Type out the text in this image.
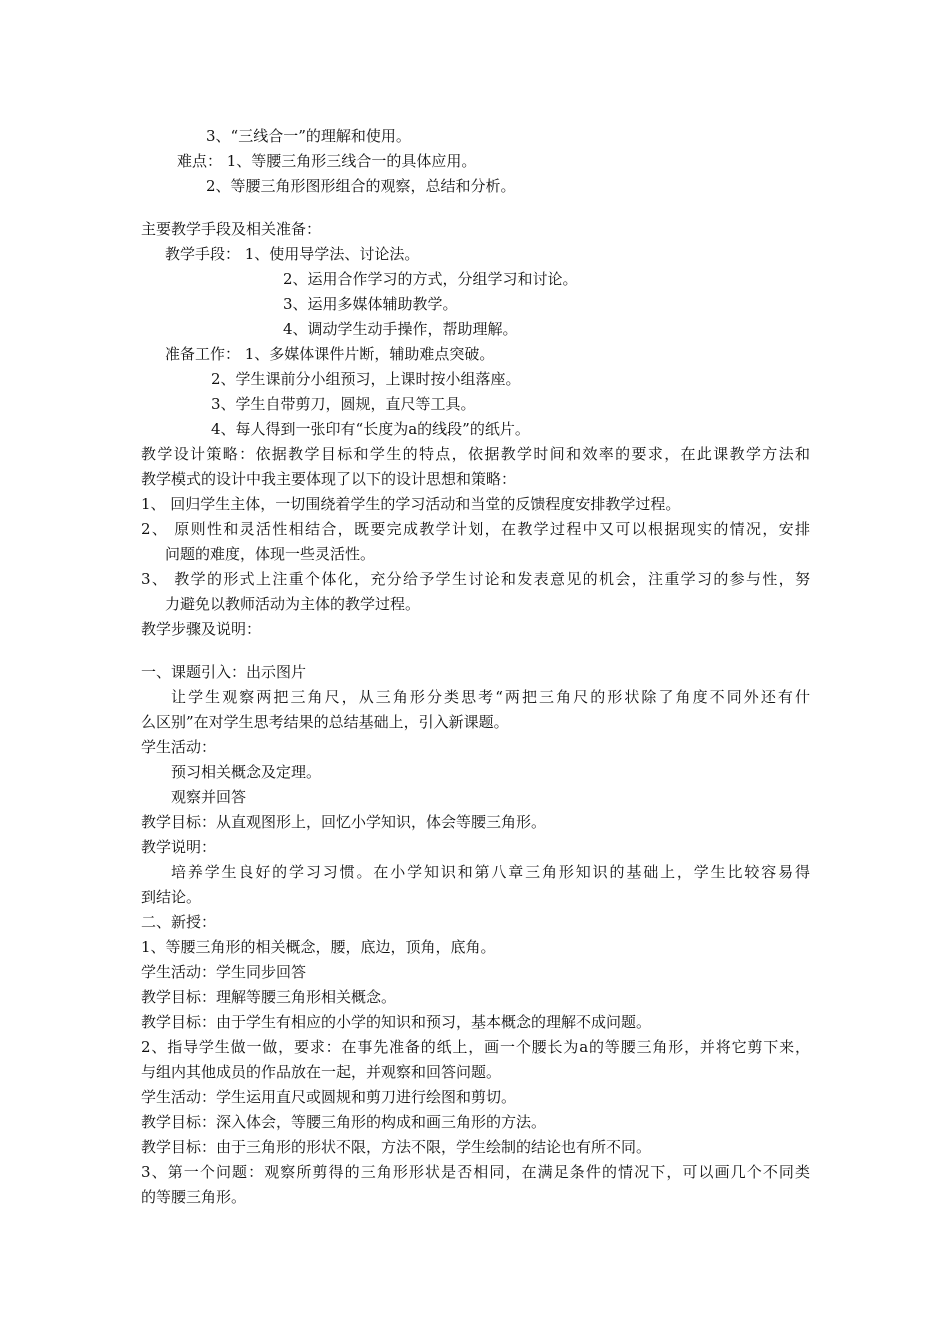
3、“三线合一”的理解和使用。
难点： 1、等腰三角形三线合一的具体应用。
2、等腰三角形图形组合的观察，总结和分析。
主要教学手段及相关准备：
教学手段： 1、使用导学法、讨论法。
2、运用合作学习的方式，分组学习和讨论。
3、运用多媒体辅助教学。
4、调动学生动手操作，帮助理解。
准备工作： 1、多媒体课件片断，辅助难点突破。
2、学生课前分小组预习，上课时按小组落座。
3、学生自带剪刀，圆规，直尺等工具。
4、每人得到一张印有“长度为a的线段”的纸片。
教学设计策略：依据教学目标和学生的特点，依据教学时间和效率的要求，在此课教学方法和
教学模式的设计中我主要体现了以下的设计思想和策略：
1、 回归学生主体，一切围绕着学生的学习活动和当堂的反馈程度安排教学过程。
2、 原则性和灵活性相结合，既要完成教学计划，在教学过程中又可以根据现实的情况，安排
问题的难度，体现一些灵活性。
3、 教学的形式上注重个体化，充分给予学生讨论和发表意见的机会，注重学习的参与性，努
力避免以教师活动为主体的教学过程。
教学步骤及说明：
一、课题引入：出示图片
让学生观察两把三角尺，从三角形分类思考“两把三角尺的形状除了角度不同外还有什
么区别”在对学生思考结果的总结基础上，引入新课题。
学生活动：
预习相关概念及定理。
观察并回答
教学目标：从直观图形上，回忆小学知识，体会等腰三角形。
教学说明：
培养学生良好的学习习惯。在小学知识和第八章三角形知识的基础上，学生比较容易得
到结论。
二、新授：
1、等腰三角形的相关概念，腰，底边，顶角，底角。
学生活动：学生同步回答
教学目标：理解等腰三角形相关概念。
教学目标：由于学生有相应的小学的知识和预习，基本概念的理解不成问题。
2、指导学生做一做，要求：在事先准备的纸上，画一个腰长为a的等腰三角形，并将它剪下来，
与组内其他成员的作品放在一起，并观察和回答问题。
学生活动：学生运用直尺或圆规和剪刀进行绘图和剪切。
教学目标：深入体会，等腰三角形的构成和画三角形的方法。
教学目标：由于三角形的形状不限，方法不限，学生绘制的结论也有所不同。
3、第一个问题：观察所剪得的三角形形状是否相同，在满足条件的情况下，可以画几个不同类
的等腰三角形。
